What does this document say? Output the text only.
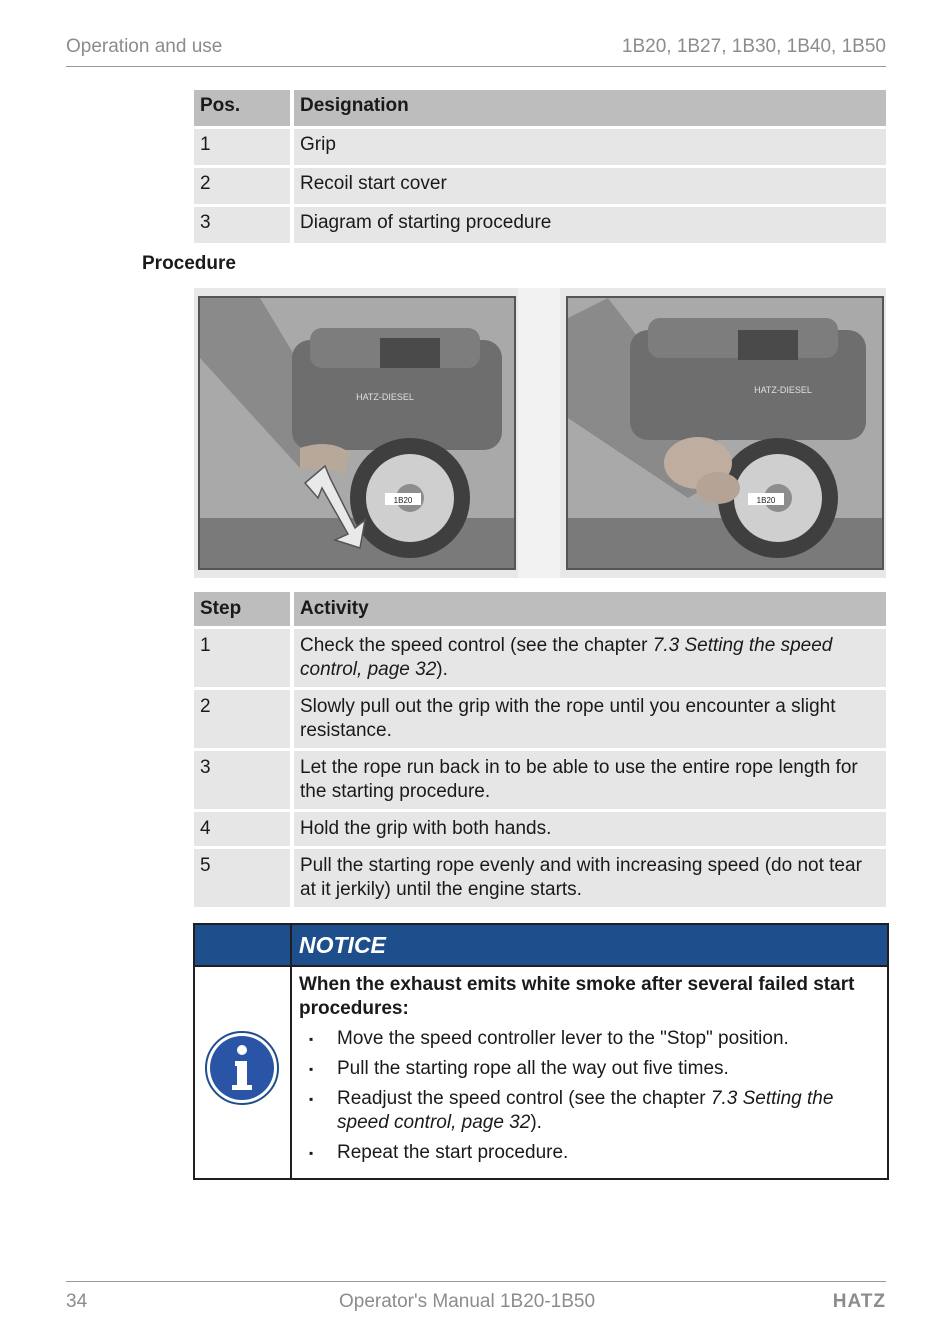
Operation and use	1B20, 1B27, 1B30, 1B40, 1B50
Pos.	Designation
1	Grip
2	Recoil start cover
3	Diagram of starting procedure
Procedure
HATZ-DIESEL
1B20
HATZ-DIESEL
1B20
Step	Activity
1	Check the speed control (see the chapter 7.3 Setting the speed control, page 32).
2	Slowly pull out the grip with the rope until you encounter a slight resistance.
3	Let the rope run back in to be able to use the entire rope length for the starting procedure.
4	Hold the grip with both hands.
5	Pull the starting rope evenly and with increasing speed (do not tear at it jerkily) until the engine starts.
NOTICE
When the exhaust emits white smoke after several failed start procedures:
▪ Move the speed controller lever to the "Stop" position.
▪ Pull the starting rope all the way out five times.
▪ Readjust the speed control (see the chapter 7.3 Setting the speed control, page 32).
▪ Repeat the start procedure.
34	Operator's Manual 1B20-1B50	HATZ
